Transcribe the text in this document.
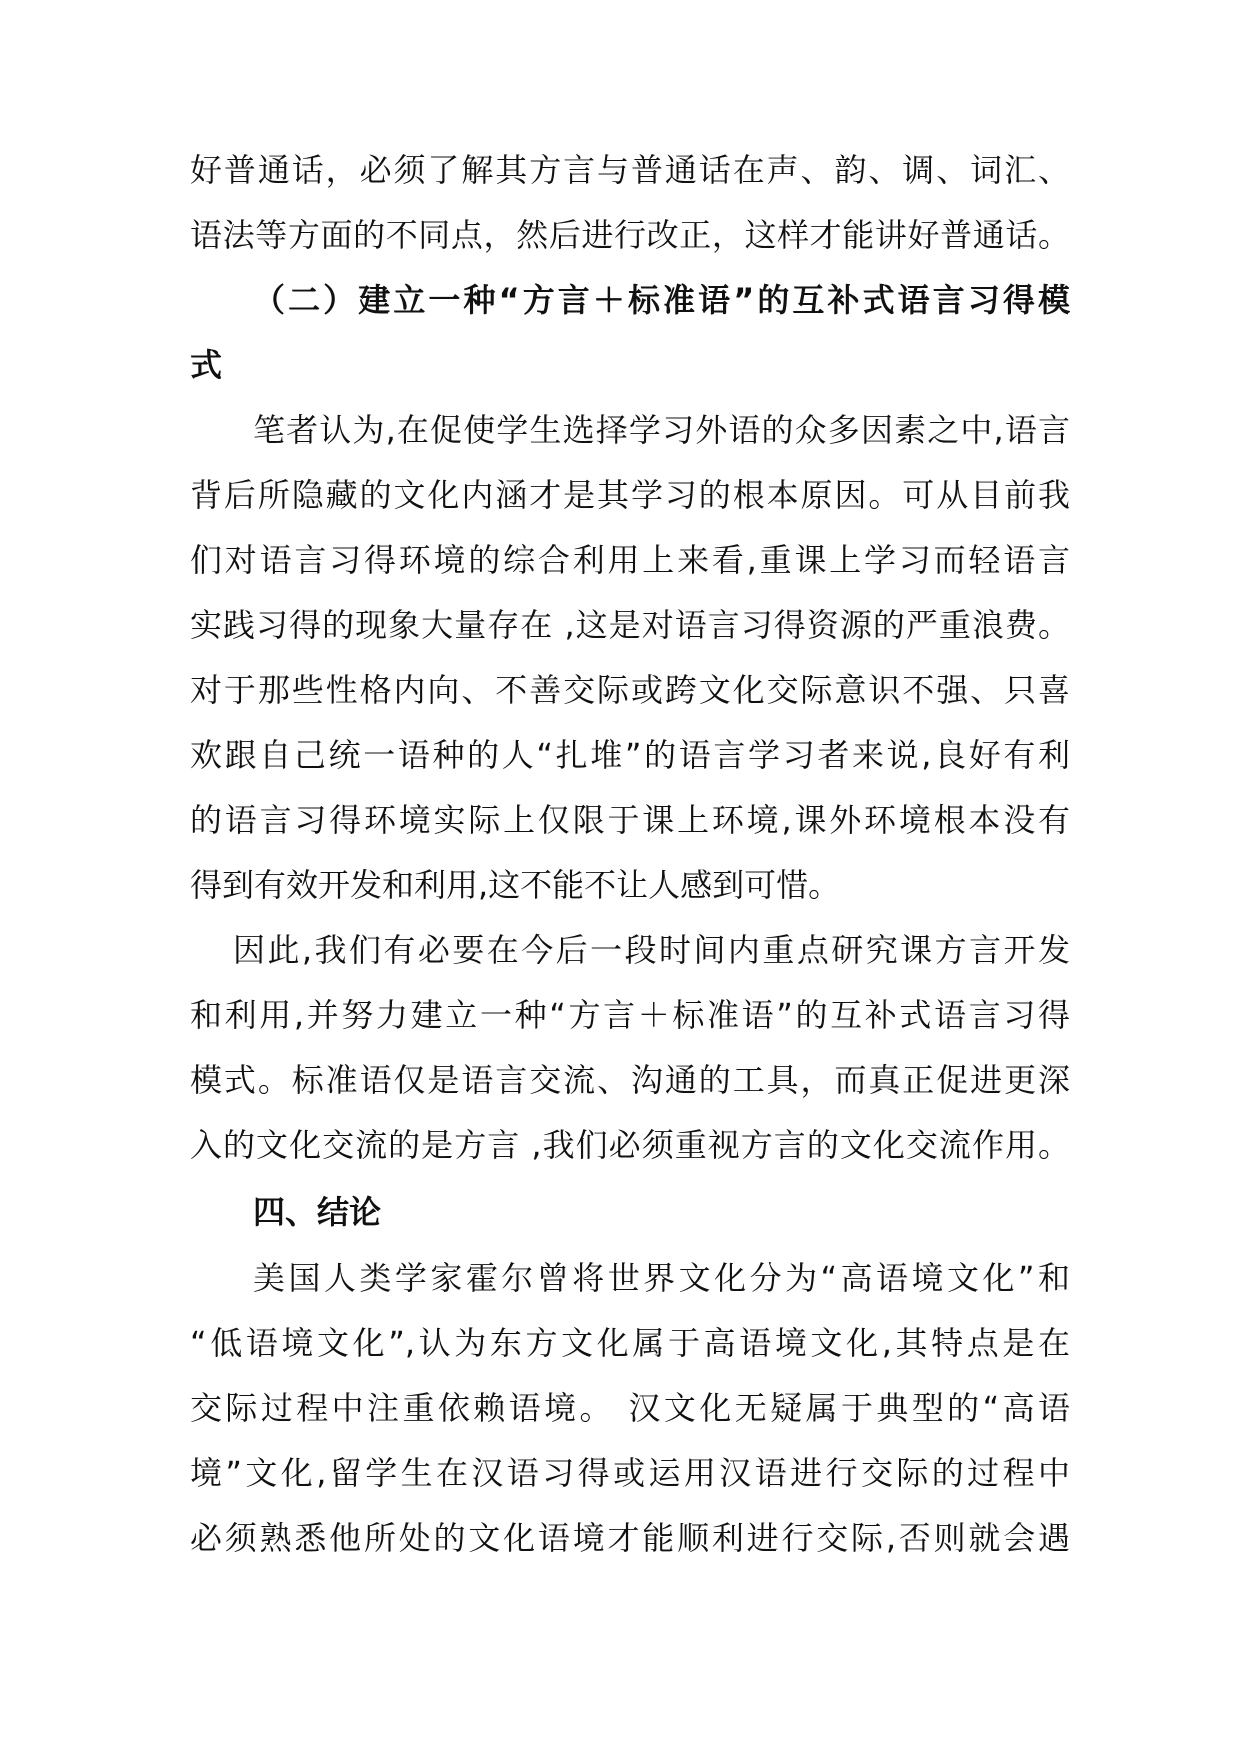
好普通话，必须了解其方言与普通话在声、韵、调、词汇、
语法等方面的不同点，然后进行改正，这样才能讲好普通话。
（二）建立一种“方言＋标准语”的互补式语言习得模
式
笔者认为,在促使学生选择学习外语的众多因素之中,语言
背后所隐藏的文化内涵才是其学习的根本原因。可从目前我
们对语言习得环境的综合利用上来看,重课上学习而轻语言
实践习得的现象大量存在 ,这是对语言习得资源的严重浪费。
对于那些性格内向、不善交际或跨文化交际意识不强、只喜
欢跟自己统一语种的人“扎堆”的语言学习者来说,良好有利
的语言习得环境实际上仅限于课上环境,课外环境根本没有
得到有效开发和利用,这不能不让人感到可惜。
因此,我们有必要在今后一段时间内重点研究课方言开发
和利用,并努力建立一种“方言＋标准语”的互补式语言习得
模式。标准语仅是语言交流、沟通的工具，而真正促进更深
入的文化交流的是方言 ,我们必须重视方言的文化交流作用。
四、结论
美国人类学家霍尔曾将世界文化分为“高语境文化”和
“低语境文化”,认为东方文化属于高语境文化,其特点是在
交际过程中注重依赖语境。 汉文化无疑属于典型的“高语
境”文化,留学生在汉语习得或运用汉语进行交际的过程中
必须熟悉他所处的文化语境才能顺利进行交际,否则就会遇
